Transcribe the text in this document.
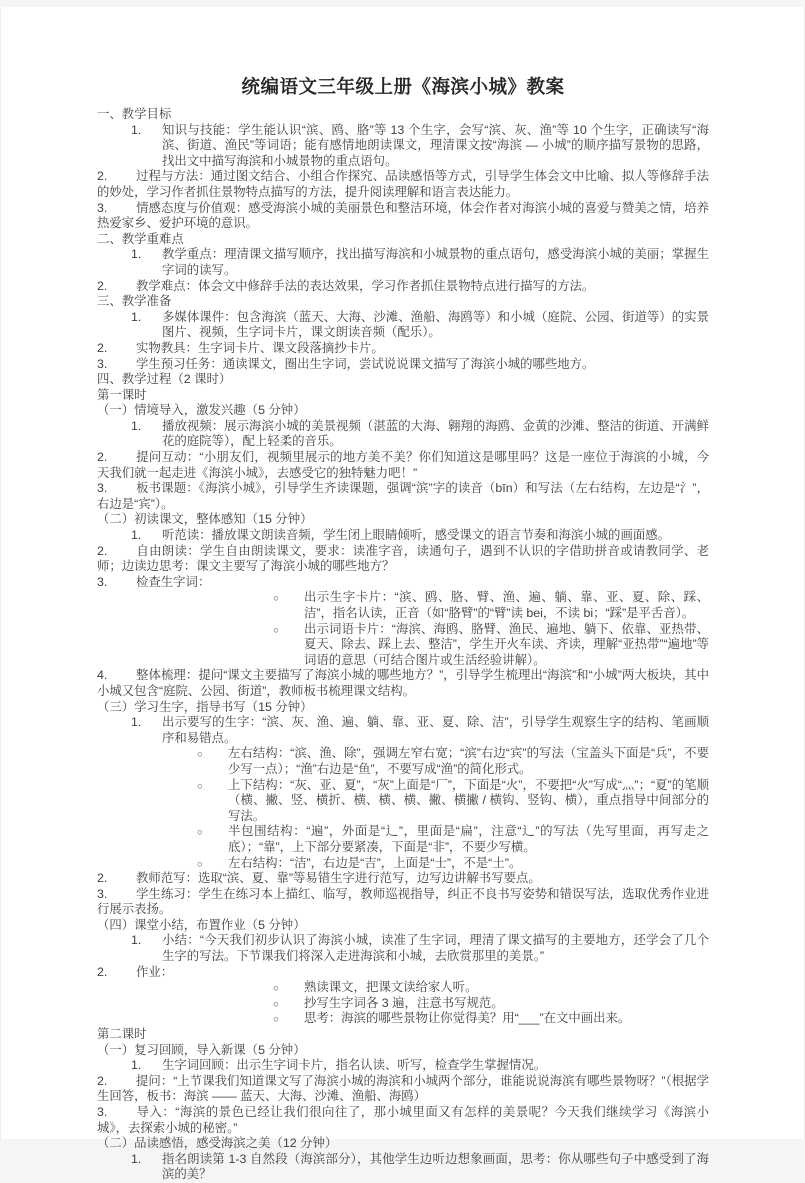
统编语文三年级上册《海滨小城》教案
一、教学目标
1. 知识与技能：学生能认识“滨、鸥、胳”等 13 个生字，会写“滨、灰、渔”等 10 个生字，正确读写“海滨、街道、渔民”等词语；能有感情地朗读课文，理清课文按“海滨 — 小城”的顺序描写景物的思路，找出文中描写海滨和小城景物的重点语句。
2. 过程与方法：通过图文结合、小组合作探究、品读感悟等方式，引导学生体会文中比喻、拟人等修辞手法的妙处，学习作者抓住景物特点描写的方法，提升阅读理解和语言表达能力。
3. 情感态度与价值观：感受海滨小城的美丽景色和整洁环境，体会作者对海滨小城的喜爱与赞美之情，培养热爱家乡、爱护环境的意识。
二、教学重难点
1. 教学重点：理清课文描写顺序，找出描写海滨和小城景物的重点语句，感受海滨小城的美丽；掌握生字词的读写。
2. 教学难点：体会文中修辞手法的表达效果，学习作者抓住景物特点进行描写的方法。
三、教学准备
1. 多媒体课件：包含海滨（蓝天、大海、沙滩、渔船、海鸥等）和小城（庭院、公园、街道等）的实景图片、视频，生字词卡片，课文朗读音频（配乐）。
2. 实物教具：生字词卡片、课文段落摘抄卡片。
3. 学生预习任务：通读课文，圈出生字词，尝试说说课文描写了海滨小城的哪些地方。
四、教学过程（2 课时）
第一课时
（一）情境导入，激发兴趣（5 分钟）
1. 播放视频：展示海滨小城的美景视频（湛蓝的大海、翱翔的海鸥、金黄的沙滩、整洁的街道、开满鲜花的庭院等），配上轻柔的音乐。
2. 提问互动：“小朋友们，视频里展示的地方美不美？你们知道这是哪里吗？这是一座位于海滨的小城，今天我们就一起走进《海滨小城》，去感受它的独特魅力吧！”
3. 板书课题：《海滨小城》，引导学生齐读课题，强调“滨”字的读音（bīn）和写法（左右结构，左边是“氵”，右边是“宾”）。
（二）初读课文，整体感知（15 分钟）
1. 听范读：播放课文朗读音频，学生闭上眼睛倾听，感受课文的语言节奏和海滨小城的画面感。
2. 自由朗读：学生自由朗读课文，要求：读准字音，读通句子，遇到不认识的字借助拼音或请教同学、老师；边读边思考：课文主要写了海滨小城的哪些地方？
3. 检查生字词：
○ 出示生字卡片：“滨、鸥、胳、臂、渔、遍、躺、靠、亚、夏、除、踩、洁”，指名认读，正音（如“胳臂”的“臂”读 bei，不读 bi；“踩”是平舌音）。
○ 出示词语卡片：“海滨、海鸥、胳臂、渔民、遍地、躺下、依靠、亚热带、夏天、除去、踩上去、整洁”，学生开火车读、齐读，理解“亚热带”“遍地”等词语的意思（可结合图片或生活经验讲解）。
4. 整体梳理：提问“课文主要描写了海滨小城的哪些地方？”，引导学生梳理出“海滨”和“小城”两大板块，其中小城又包含“庭院、公园、街道”，教师板书梳理课文结构。
（三）学习生字，指导书写（15 分钟）
1. 出示要写的生字：“滨、灰、渔、遍、躺、靠、亚、夏、除、洁”，引导学生观察生字的结构、笔画顺序和易错点。
○ 左右结构：“滨、渔、除”，强调左窄右宽；“滨”右边“宾”的写法（宝盖头下面是“兵”，不要少写一点）；“渔”右边是“鱼”，不要写成“渔”的简化形式。
○ 上下结构：“灰、亚、夏”，“灰”上面是“厂”，下面是“火”，不要把“火”写成“灬”；“夏”的笔顺（横、撇、竖、横折、横、横、横、撇、横撇 / 横钩、竖钩、横），重点指导中间部分的写法。
○ 半包围结构：“遍”，外面是“辶”，里面是“扁”，注意“辶”的写法（先写里面，再写走之底）；“靠”，上下部分要紧凑，下面是“非”，不要少写横。
○ 左右结构：“洁”，右边是“吉”，上面是“士”，不是“土”。
2. 教师范写：选取“滨、夏、靠”等易错生字进行范写，边写边讲解书写要点。
3. 学生练习：学生在练习本上描红、临写，教师巡视指导，纠正不良书写姿势和错误写法，选取优秀作业进行展示表扬。
（四）课堂小结，布置作业（5 分钟）
1. 小结：“今天我们初步认识了海滨小城，读准了生字词，理清了课文描写的主要地方，还学会了几个生字的写法。下节课我们将深入走进海滨和小城，去欣赏那里的美景。”
2. 作业：
○ 熟读课文，把课文读给家人听。
○ 抄写生字词各 3 遍，注意书写规范。
○ 思考：海滨的哪些景物让你觉得美？用“___”在文中画出来。
第二课时
（一）复习回顾，导入新课（5 分钟）
1. 生字词回顾：出示生字词卡片，指名认读、听写，检查学生掌握情况。
2. 提问：“上节课我们知道课文写了海滨小城的海滨和小城两个部分，谁能说说海滨有哪些景物呀？”（根据学生回答，板书：海滨 —— 蓝天、大海、沙滩、渔船、海鸥）
3. 导入：“海滨的景色已经让我们很向往了，那小城里面又有怎样的美景呢？今天我们继续学习《海滨小城》，去探索小城的秘密。”
（二）品读感悟，感受海滨之美（12 分钟）
1. 指名朗读第 1-3 自然段（海滨部分），其他学生边听边想象画面，思考：你从哪些句子中感受到了海滨的美？
